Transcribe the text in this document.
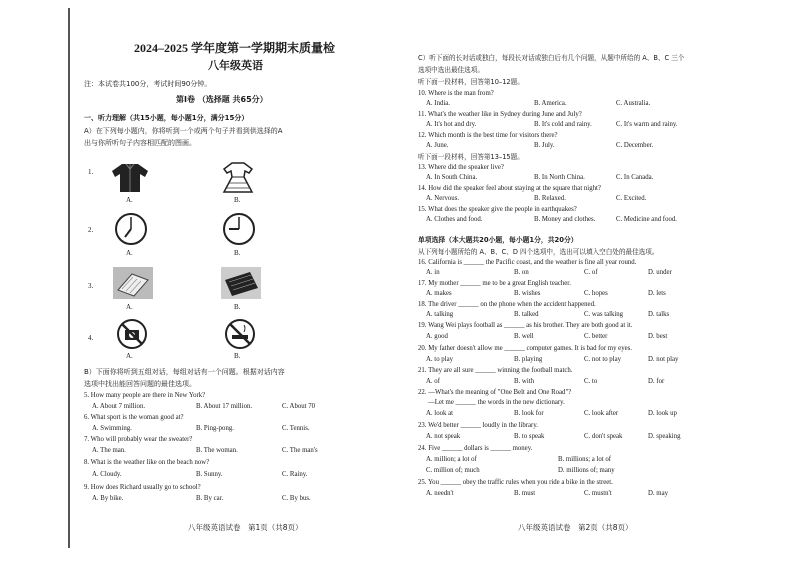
2024–2025 学年度第一学期期末质量检
八年级英语
注：本试卷共100分，考试时间90分钟。
第Ⅰ卷 （选择题 共65分）
一、听力理解（共15小题，每小题1分，满分15分）
A）在下列每小题内，你将听到一个或两个句子并看到供选择的A
出与你所听句子内容相匹配的图画。
1.
A.	B.
2.
A.	B.
3.
A.	B.
4.
A.	B.
B）下面你将听到五组对话，每组对话有一个问题。根据对话内容
选项中找出能回答问题的最佳选项。
5. How many people are there in New York?
A. About 7 million.	B. About 17 million.	C. About 70
6. What sport is the woman good at?
A. Swimming.	B. Ping-pong.	C. Tennis.
7. Who will probably wear the sweater?
A. The man.	B. The woman.	C. The man's
8. What is the weather like on the beach now?
A. Cloudy.	B. Sunny.	C. Rainy.
9. How does Richard usually go to school?
A. By bike.	B. By car.	C. By bus.
八年级英语试卷　第1页（共8页）
C）听下面的长对话或独白，每段长对话或独白后有几个问题，从题中所给的 A、B、C 三个
选项中选出最佳选项。
听下面一段材料，回答第10–12题。
10. Where is the man from?
A. India.	B. America.	C. Australia.
11. What's the weather like in Sydney during June and July?
A. It's hot and dry.	B. It's cold and rainy.	C. It's warm and rainy.
12. Which month is the best time for visitors there?
A. June.	B. July.	C. December.
听下面一段材料，回答第13–15题。
13. Where did the speaker live?
A. In South China.	B. In North China.	C. In Canada.
14. How did the speaker feel about staying at the square that night?
A. Nervous.	B. Relaxed.	C. Excited.
15. What does the speaker give the people in earthquakes?
A. Clothes and food.	B. Money and clothes.	C. Medicine and food.
单项选择（本大题共20小题，每小题1分，共20分）
从下列每小题所给的 A、B、C、D 四个选项中，选出可以填入空白处的最佳选项。
16. California is ______ the Pacific coast, and the weather is fine all year round.
A. in	B. on	C. of	D. under
17. My mother ______ me to be a great English teacher.
A. makes	B. wishes	C. hopes	D. lets
18. The driver ______ on the phone when the accident happened.
A. talking	B. talked	C. was talking	D. talks
19. Wang Wei plays football as ______ as his brother. They are both good at it.
A. good	B. well	C. better	D. best
20. My father doesn't allow me ______ computer games. It is bad for my eyes.
A. to play	B. playing	C. not to play	D. not play
21. They are all sure ______ winning the football match.
A. of	B. with	C. to	D. for
22. —What's the meaning of "One Belt and One Road"?
—Let me ______ the words in the new dictionary.
A. look at	B. look for	C. look after	D. look up
23. We'd better ______ loudly in the library.
A. not speak	B. to speak	C. don't speak	D. speaking
24. Five ______ dollars is ______ money.
A. million; a lot of	B. millions; a lot of
C. million of; much	D. millions of; many
25. You ______ obey the traffic rules when you ride a bike in the street.
A. needn't	B. must	C. mustn't	D. may
八年级英语试卷　第2页（共8页）
